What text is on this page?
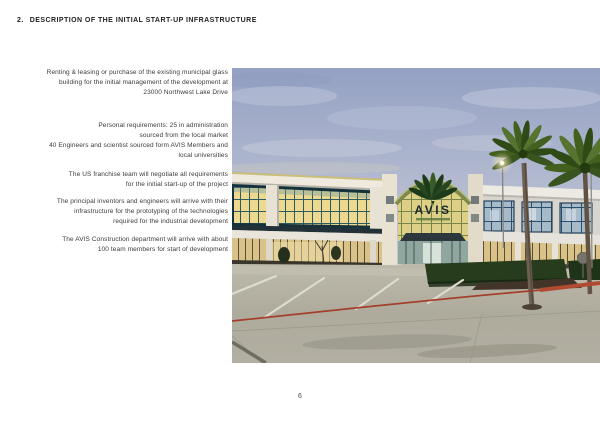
2. DESCRIPTION OF THE INITIAL START-UP INFRASTRUCTURE

Renting & leasing or purchase of the existing municipal glass
building for the initial management of the development at
23000 Northwest Lake Drive

Personal requirements: 25 in administration
sourced from the local market
40 Engineers and scientist sourced form AVIS Members and
local universities

The US franchise team will negotiate all requirements
for the initial start-up of the project

The principal inventors and engineers will arrive with their
infrastructure for the prototyping of the technologies
required for the industrial development

The AVIS Construction department will arrive with about
100 team members for start of development

AVIS
6
